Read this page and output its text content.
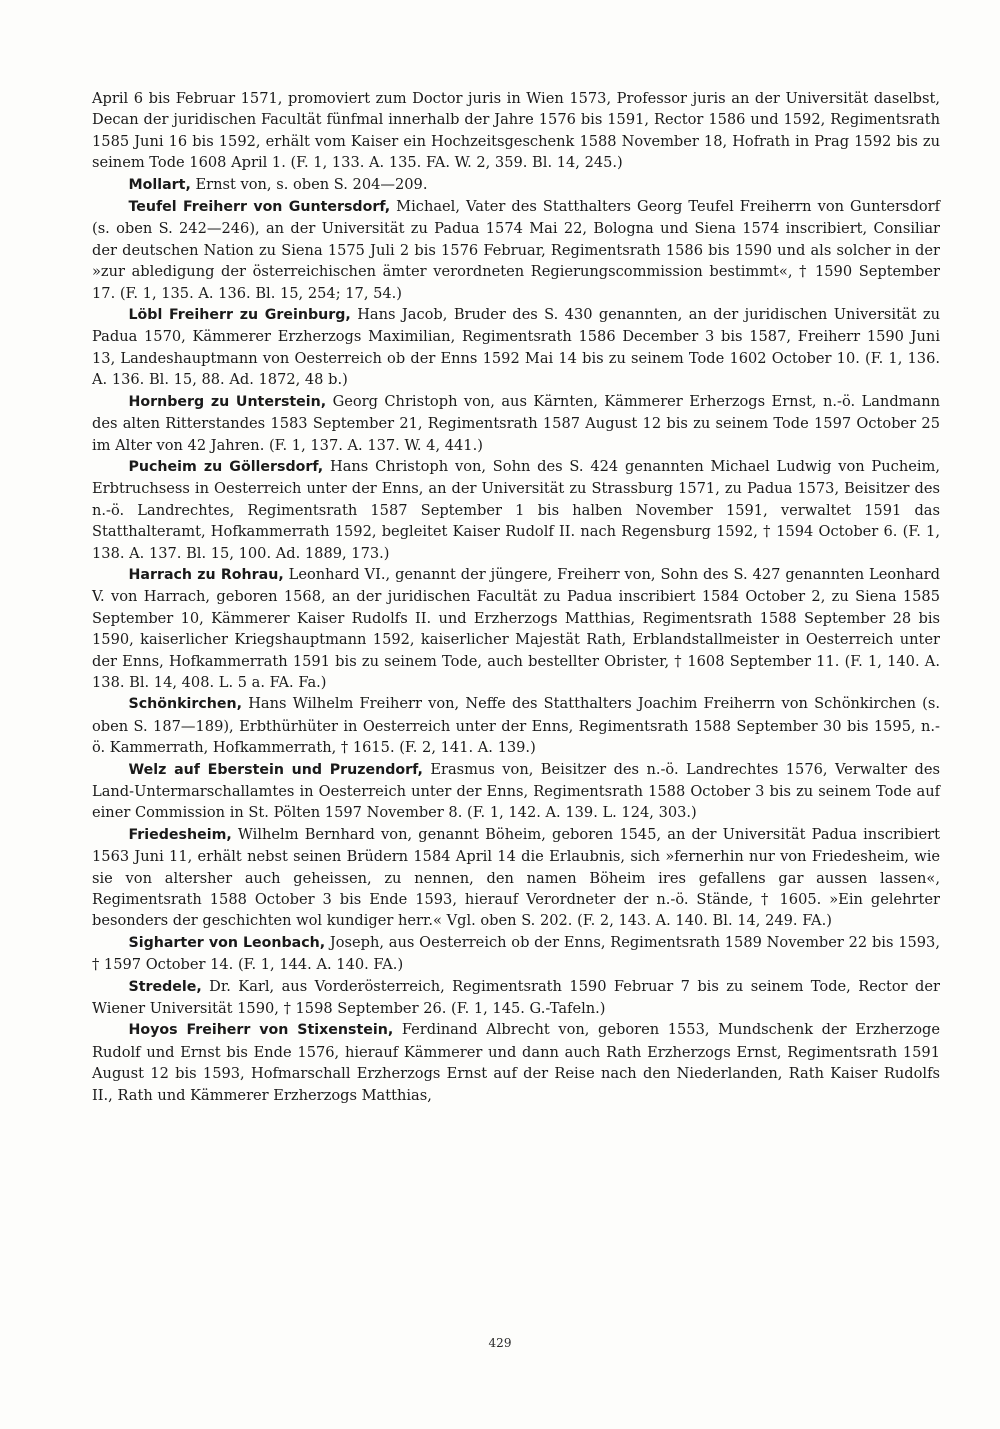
April 6 bis Februar 1571, promoviert zum Doctor juris in Wien 1573, Professor juris an der Universität daselbst, Decan der juridischen Facultät fünfmal innerhalb der Jahre 1576 bis 1591, Rector 1586 und 1592, Regimentsrath 1585 Juni 16 bis 1592, erhält vom Kaiser ein Hochzeitsgeschenk 1588 November 18, Hofrath in Prag 1592 bis zu seinem Tode 1608 April 1. (F. 1, 133. A. 135. FA. W. 2, 359. Bl. 14, 245.)

Mollart, Ernst von, s. oben S. 204—209.

Teufel Freiherr von Guntersdorf, Michael, Vater des Statthalters Georg Teufel Freiherrn von Guntersdorf (s. oben S. 242—246), an der Universität zu Padua 1574 Mai 22, Bologna und Siena 1574 inscribiert, Consiliar der deutschen Nation zu Siena 1575 Juli 2 bis 1576 Februar, Regimentsrath 1586 bis 1590 und als solcher in der »zur abledigung der österreichischen ämter verordneten Regierungscommission bestimmt«, † 1590 September 17. (F. 1, 135. A. 136. Bl. 15, 254; 17, 54.)

Löbl Freiherr zu Greinburg, Hans Jacob, Bruder des S. 430 genannten, an der juridischen Universität zu Padua 1570, Kämmerer Erzherzogs Maximilian, Regimentsrath 1586 December 3 bis 1587, Freiherr 1590 Juni 13, Landeshauptmann von Oesterreich ob der Enns 1592 Mai 14 bis zu seinem Tode 1602 October 10. (F. 1, 136. A. 136. Bl. 15, 88. Ad. 1872, 48 b.)

Hornberg zu Unterstein, Georg Christoph von, aus Kärnten, Kämmerer Erherzogs Ernst, n.-ö. Landmann des alten Ritterstandes 1583 September 21, Regimentsrath 1587 August 12 bis zu seinem Tode 1597 October 25 im Alter von 42 Jahren. (F. 1, 137. A. 137. W. 4, 441.)

Pucheim zu Göllersdorf, Hans Christoph von, Sohn des S. 424 genannten Michael Ludwig von Pucheim, Erbtruchsess in Oesterreich unter der Enns, an der Universität zu Strassburg 1571, zu Padua 1573, Beisitzer des n.-ö. Landrechtes, Regimentsrath 1587 September 1 bis halben November 1591, verwaltet 1591 das Statthalteramt, Hofkammerrath 1592, begleitet Kaiser Rudolf II. nach Regensburg 1592, † 1594 October 6. (F. 1, 138. A. 137. Bl. 15, 100. Ad. 1889, 173.)

Harrach zu Rohrau, Leonhard VI., genannt der jüngere, Freiherr von, Sohn des S. 427 genannten Leonhard V. von Harrach, geboren 1568, an der juridischen Facultät zu Padua inscribiert 1584 October 2, zu Siena 1585 September 10, Kämmerer Kaiser Rudolfs II. und Erzherzogs Matthias, Regimentsrath 1588 September 28 bis 1590, kaiserlicher Kriegshauptmann 1592, kaiserlicher Majestät Rath, Erblandstallmeister in Oesterreich unter der Enns, Hofkammerrath 1591 bis zu seinem Tode, auch bestellter Obrister, † 1608 September 11. (F. 1, 140. A. 138. Bl. 14, 408. L. 5 a. FA. Fa.)

Schönkirchen, Hans Wilhelm Freiherr von, Neffe des Statthalters Joachim Freiherrn von Schönkirchen (s. oben S. 187—189), Erbthürhüter in Oesterreich unter der Enns, Regimentsrath 1588 September 30 bis 1595, n.-ö. Kammerrath, Hofkammerrath, † 1615. (F. 2, 141. A. 139.)

Welz auf Eberstein und Pruzendorf, Erasmus von, Beisitzer des n.-ö. Landrechtes 1576, Verwalter des Land-Untermarschallamtes in Oesterreich unter der Enns, Regimentsrath 1588 October 3 bis zu seinem Tode auf einer Commission in St. Pölten 1597 November 8. (F. 1, 142. A. 139. L. 124, 303.)

Friedesheim, Wilhelm Bernhard von, genannt Böheim, geboren 1545, an der Universität Padua inscribiert 1563 Juni 11, erhält nebst seinen Brüdern 1584 April 14 die Erlaubnis, sich »fernerhin nur von Friedesheim, wie sie von altersher auch geheissen, zu nennen, den namen Böheim ires gefallens gar aussen lassen«, Regimentsrath 1588 October 3 bis Ende 1593, hierauf Verordneter der n.-ö. Stände, † 1605. »Ein gelehrter besonders der geschichten wol kundiger herr.« Vgl. oben S. 202. (F. 2, 143. A. 140. Bl. 14, 249. FA.)

Sigharter von Leonbach, Joseph, aus Oesterreich ob der Enns, Regimentsrath 1589 November 22 bis 1593, † 1597 October 14. (F. 1, 144. A. 140. FA.)

Stredele, Dr. Karl, aus Vorderösterreich, Regimentsrath 1590 Februar 7 bis zu seinem Tode, Rector der Wiener Universität 1590, † 1598 September 26. (F. 1, 145. G.-Tafeln.)

Hoyos Freiherr von Stixenstein, Ferdinand Albrecht von, geboren 1553, Mundschenk der Erzherzoge Rudolf und Ernst bis Ende 1576, hierauf Kämmerer und dann auch Rath Erzherzogs Ernst, Regimentsrath 1591 August 12 bis 1593, Hofmarschall Erzherzogs Ernst auf der Reise nach den Niederlanden, Rath Kaiser Rudolfs II., Rath und Kämmerer Erzherzogs Matthias,

429
